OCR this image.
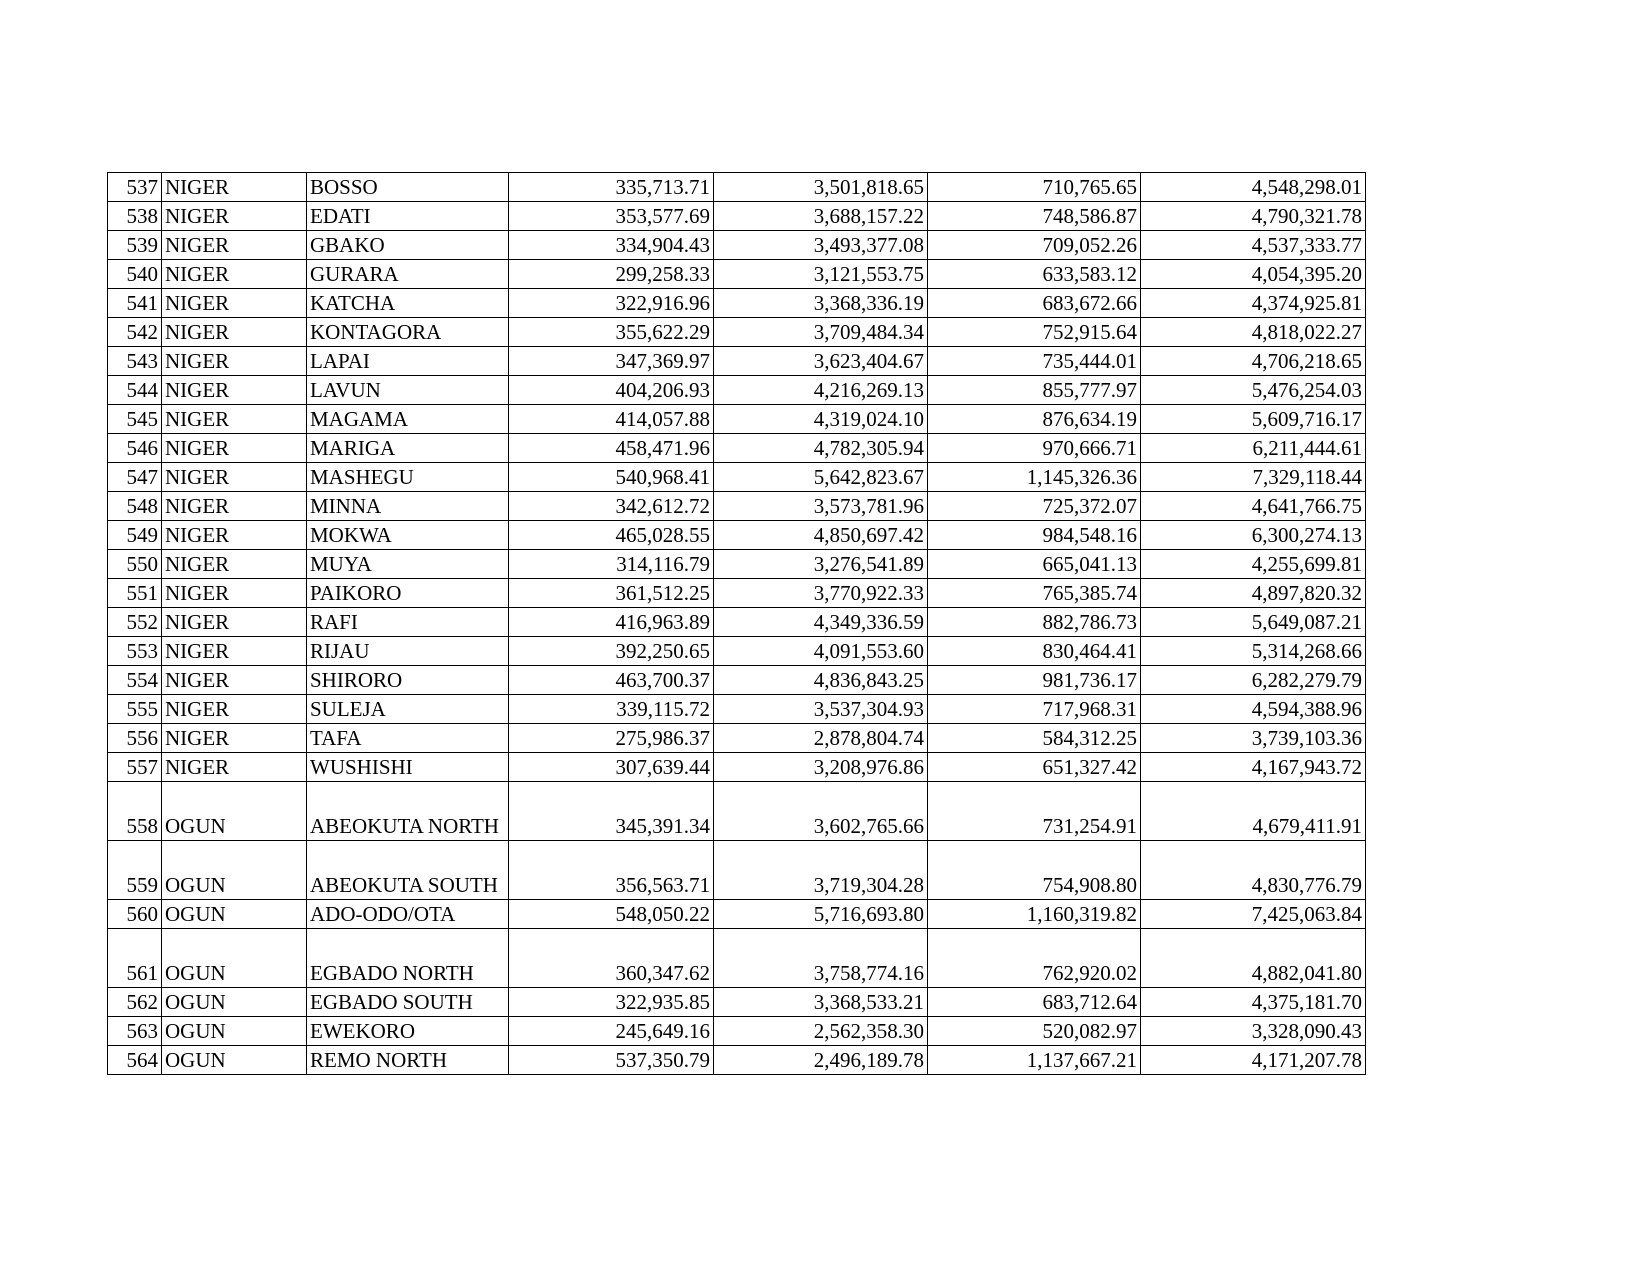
537	NIGER	BOSSO	335,713.71	3,501,818.65	710,765.65	4,548,298.01
538	NIGER	EDATI	353,577.69	3,688,157.22	748,586.87	4,790,321.78
539	NIGER	GBAKO	334,904.43	3,493,377.08	709,052.26	4,537,333.77
540	NIGER	GURARA	299,258.33	3,121,553.75	633,583.12	4,054,395.20
541	NIGER	KATCHA	322,916.96	3,368,336.19	683,672.66	4,374,925.81
542	NIGER	KONTAGORA	355,622.29	3,709,484.34	752,915.64	4,818,022.27
543	NIGER	LAPAI	347,369.97	3,623,404.67	735,444.01	4,706,218.65
544	NIGER	LAVUN	404,206.93	4,216,269.13	855,777.97	5,476,254.03
545	NIGER	MAGAMA	414,057.88	4,319,024.10	876,634.19	5,609,716.17
546	NIGER	MARIGA	458,471.96	4,782,305.94	970,666.71	6,211,444.61
547	NIGER	MASHEGU	540,968.41	5,642,823.67	1,145,326.36	7,329,118.44
548	NIGER	MINNA	342,612.72	3,573,781.96	725,372.07	4,641,766.75
549	NIGER	MOKWA	465,028.55	4,850,697.42	984,548.16	6,300,274.13
550	NIGER	MUYA	314,116.79	3,276,541.89	665,041.13	4,255,699.81
551	NIGER	PAIKORO	361,512.25	3,770,922.33	765,385.74	4,897,820.32
552	NIGER	RAFI	416,963.89	4,349,336.59	882,786.73	5,649,087.21
553	NIGER	RIJAU	392,250.65	4,091,553.60	830,464.41	5,314,268.66
554	NIGER	SHIRORO	463,700.37	4,836,843.25	981,736.17	6,282,279.79
555	NIGER	SULEJA	339,115.72	3,537,304.93	717,968.31	4,594,388.96
556	NIGER	TAFA	275,986.37	2,878,804.74	584,312.25	3,739,103.36
557	NIGER	WUSHISHI	307,639.44	3,208,976.86	651,327.42	4,167,943.72
558	OGUN	ABEOKUTA NORTH	345,391.34	3,602,765.66	731,254.91	4,679,411.91
559	OGUN	ABEOKUTA SOUTH	356,563.71	3,719,304.28	754,908.80	4,830,776.79
560	OGUN	ADO-ODO/OTA	548,050.22	5,716,693.80	1,160,319.82	7,425,063.84
561	OGUN	EGBADO NORTH	360,347.62	3,758,774.16	762,920.02	4,882,041.80
562	OGUN	EGBADO SOUTH	322,935.85	3,368,533.21	683,712.64	4,375,181.70
563	OGUN	EWEKORO	245,649.16	2,562,358.30	520,082.97	3,328,090.43
564	OGUN	REMO NORTH	537,350.79	2,496,189.78	1,137,667.21	4,171,207.78
